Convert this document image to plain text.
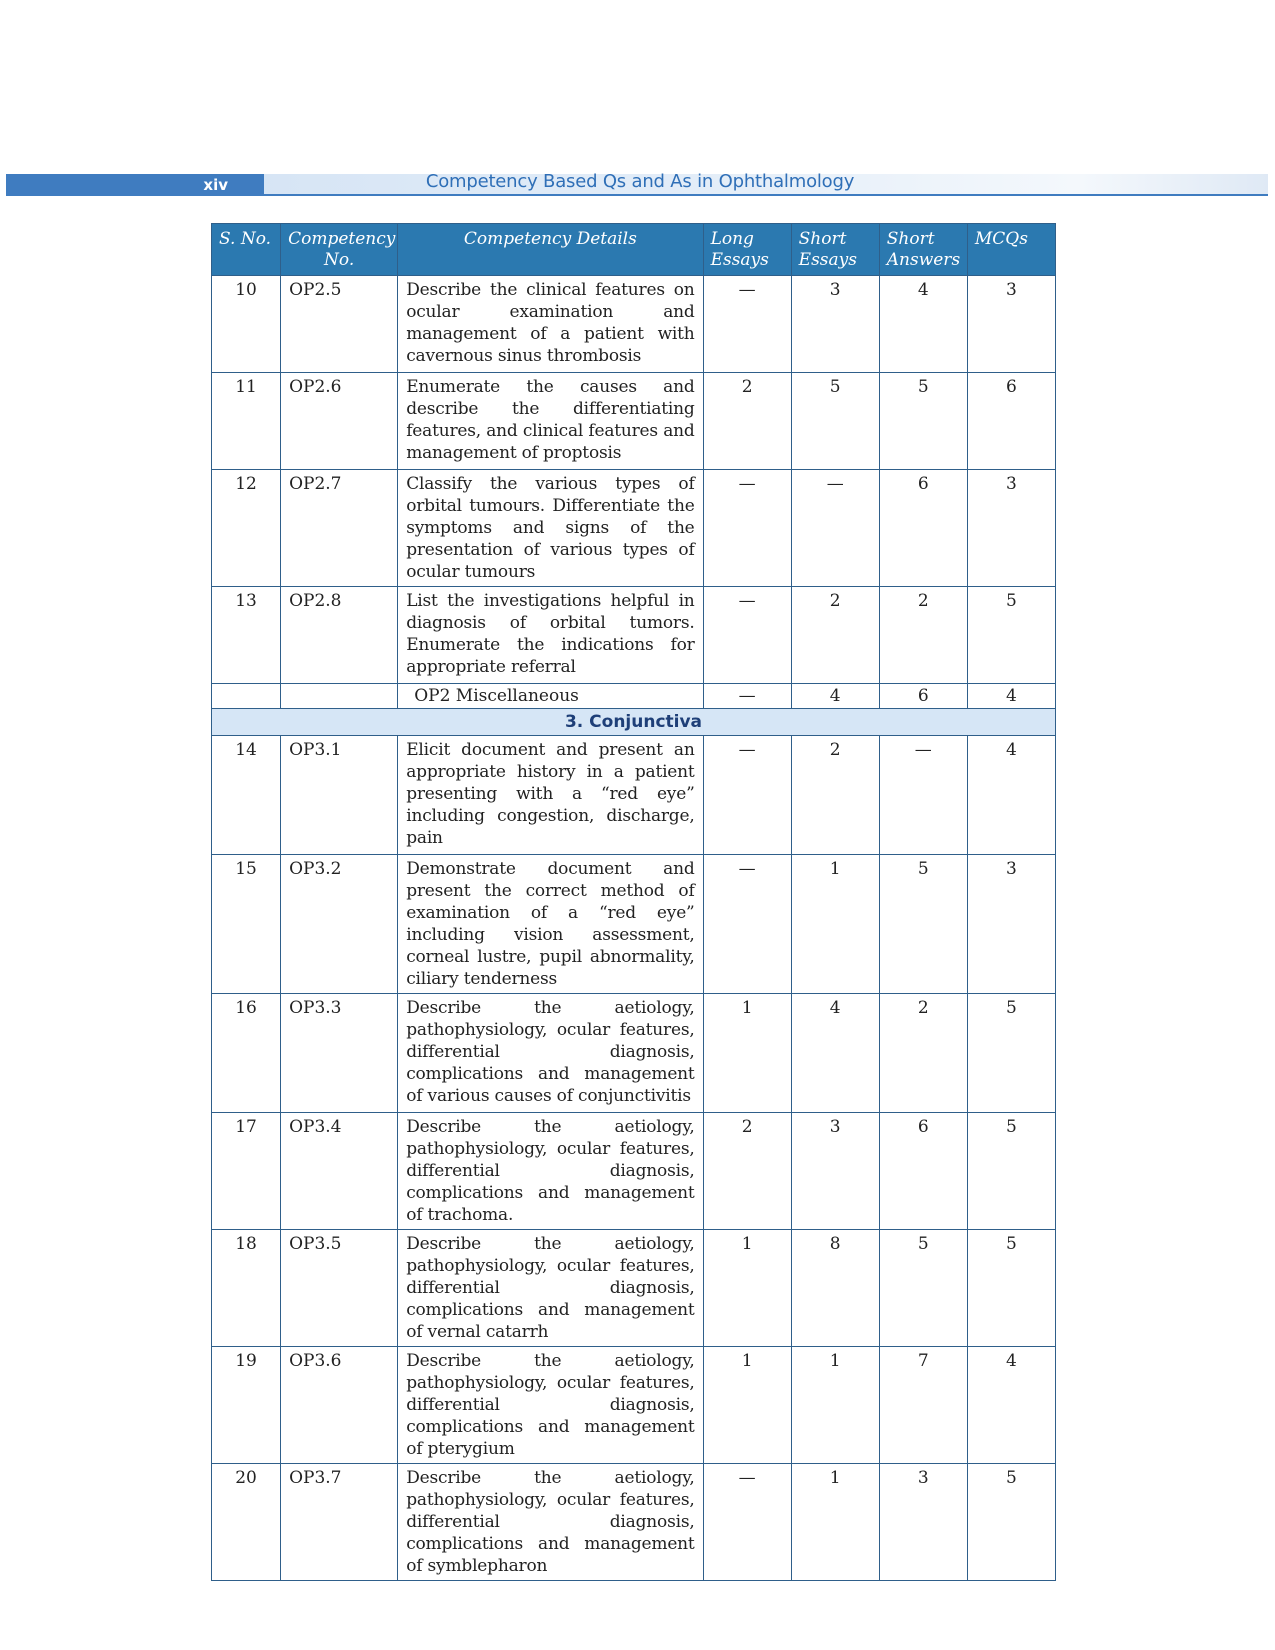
xiv	Competency Based Qs and As in Ophthalmology
S. No.	Competency No.	Competency Details	Long Essays	Short Essays	Short Answers	MCQs
10	OP2.5	Describe the clinical features on ocular examination and management of a patient with cavernous sinus thrombosis	—	3	4	3
11	OP2.6	Enumerate the causes and describe the differentiating features, and clinical features and management of proptosis	2	5	5	6
12	OP2.7	Classify the various types of orbital tumours. Differentiate the symptoms and signs of the presentation of various types of ocular tumours	—	—	6	3
13	OP2.8	List the investigations helpful in diagnosis of orbital tumors. Enumerate the indications for appropriate referral	—	2	2	5
		OP2 Miscellaneous	—	4	6	4
3. Conjunctiva						
14	OP3.1	Elicit document and present an appropriate history in a patient presenting with a “red eye” including congestion, discharge, pain	—	2	—	4
15	OP3.2	Demonstrate document and present the correct method of examination of a “red eye” including vision assessment, corneal lustre, pupil abnormality, ciliary tenderness	—	1	5	3
16	OP3.3	Describe the aetiology, pathophysiology, ocular features, differential diagnosis, complications and management of various causes of conjunctivitis	1	4	2	5
17	OP3.4	Describe the aetiology, pathophysiology, ocular features, differential diagnosis, complications and management of trachoma.	2	3	6	5
18	OP3.5	Describe the aetiology, pathophysiology, ocular features, differential diagnosis, complications and management of vernal catarrh	1	8	5	5
19	OP3.6	Describe the aetiology, pathophysiology, ocular features, differential diagnosis, complications and management of pterygium	1	1	7	4
20	OP3.7	Describe the aetiology, pathophysiology, ocular features, differential diagnosis, complications and management of symblepharon	—	1	3	5
